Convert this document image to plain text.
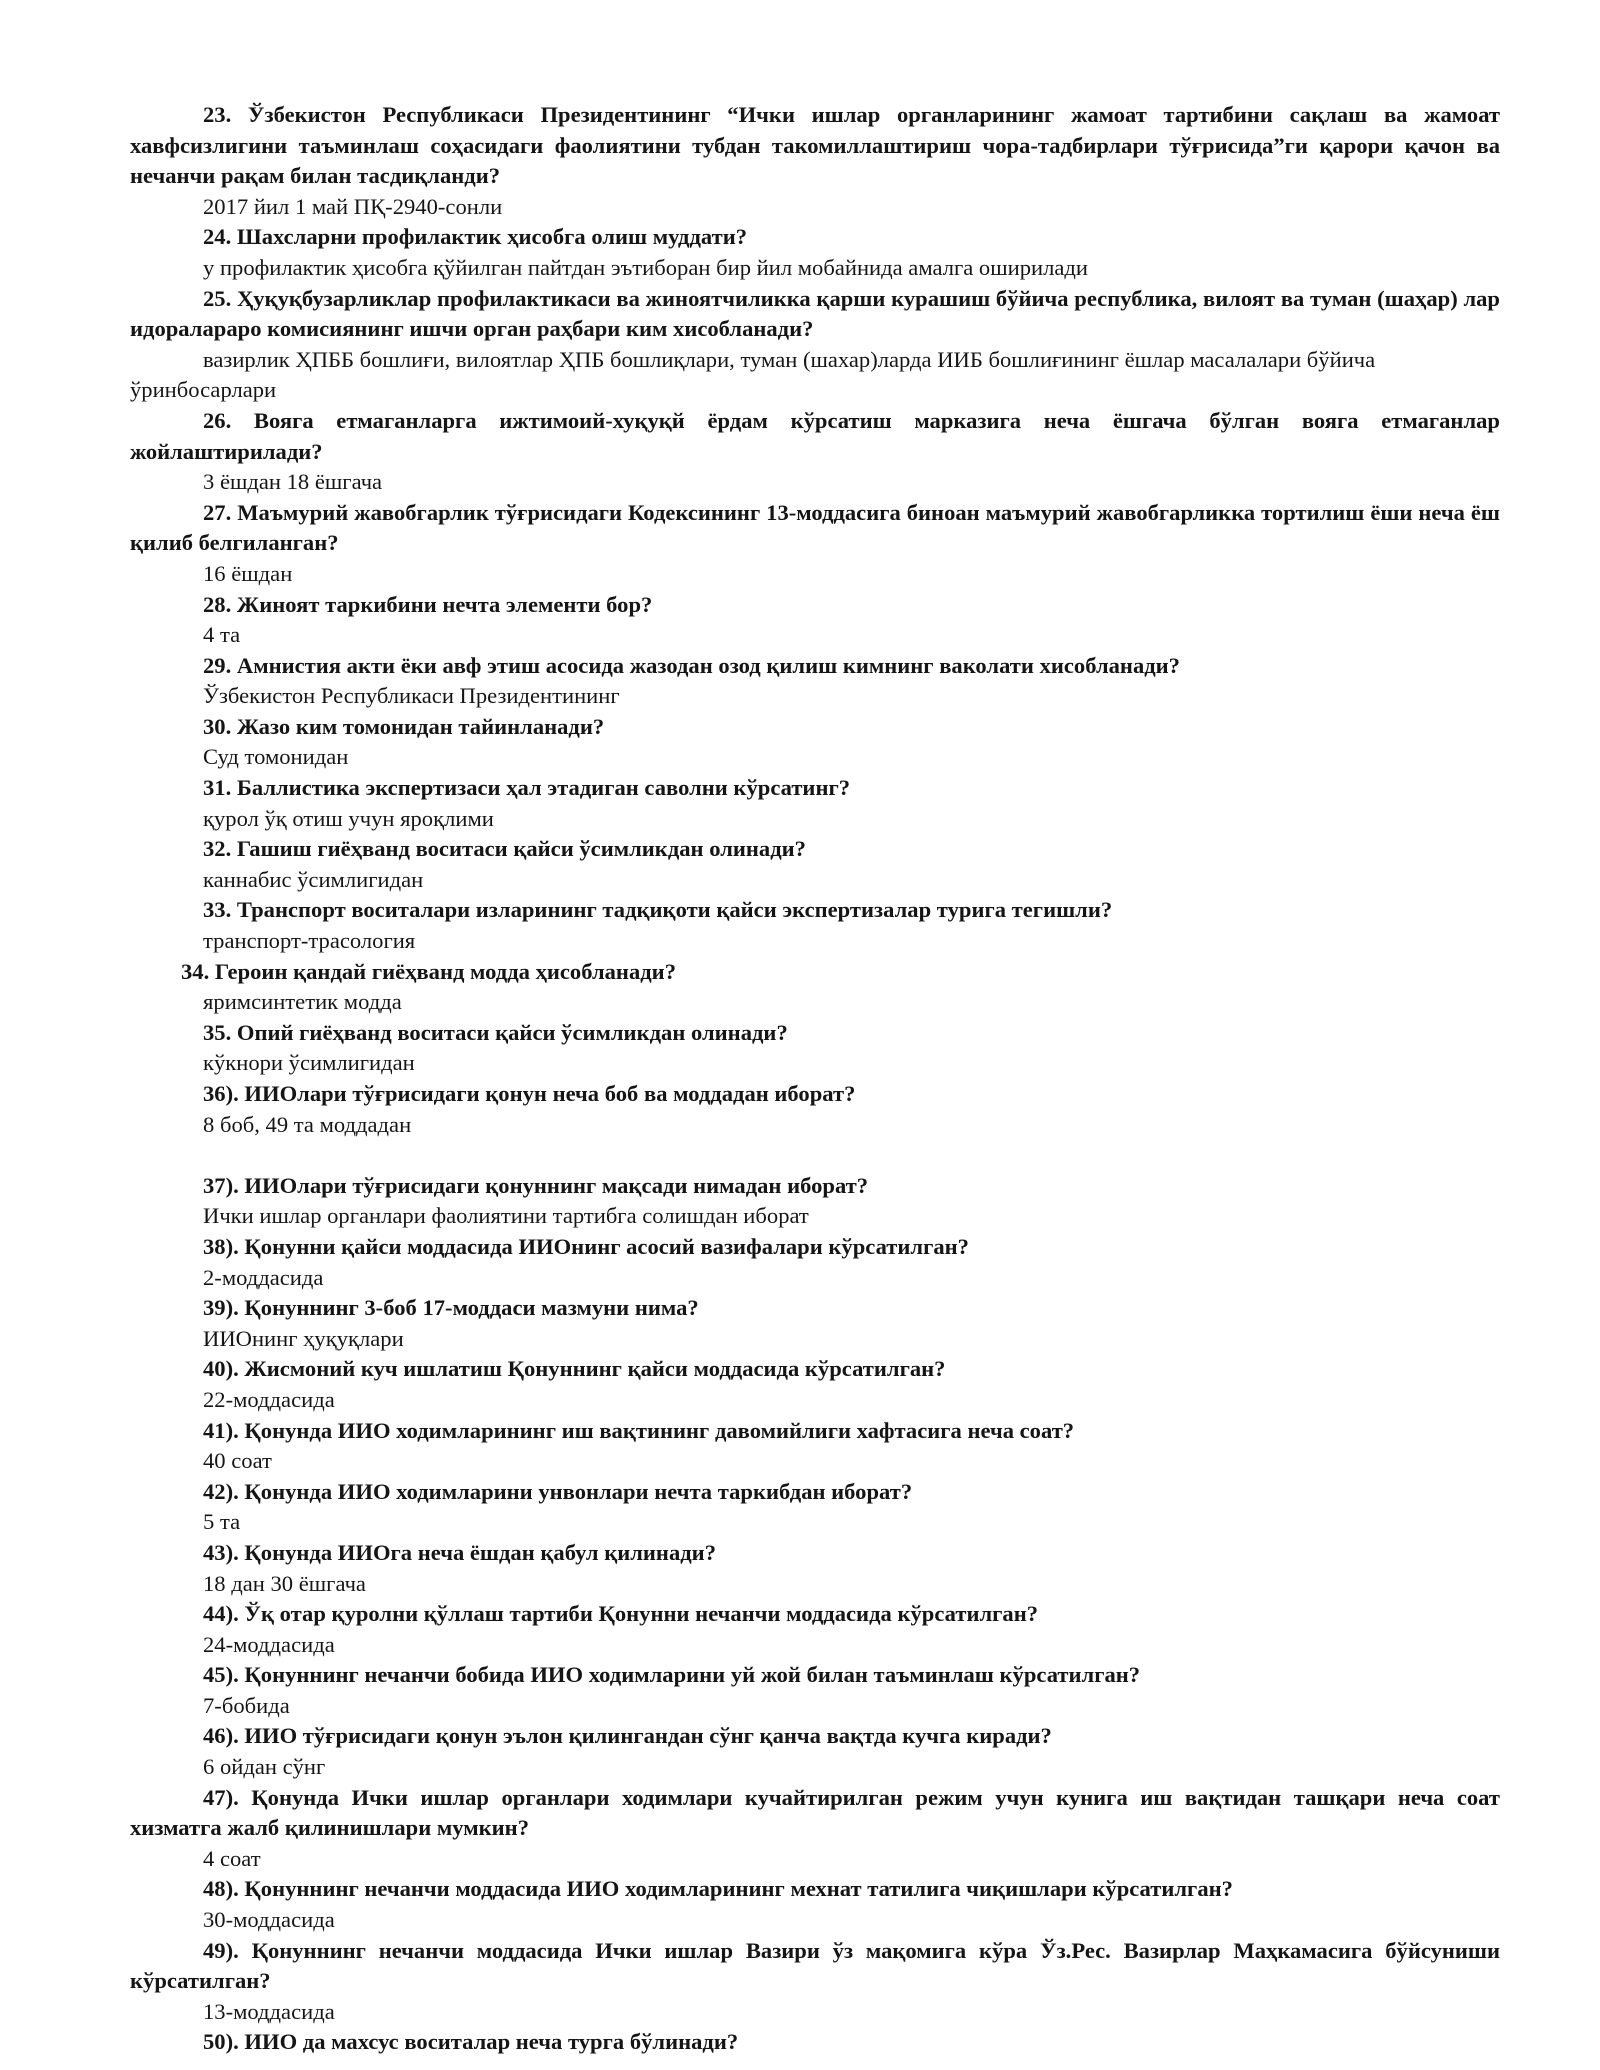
23. Ўзбекистон Республикаси Президентининг “Ички ишлар органларининг жамоат тартибини сақлаш ва жамоат хавфсизлигини таъминлаш соҳасидаги фаолиятини тубдан такомиллаштириш чора-тадбирлари тўғрисида”ги қарори қачон ва нечанчи рақам билан тасдиқланди?

2017 йил 1 май ПҚ-2940-сонли

24. Шахсларни профилактик ҳисобга олиш муддати?

у профилактик ҳисобга қўйилган пайтдан эътиборан бир йил мобайнида амалга оширилади

25. Ҳуқуқбузарликлар профилактикаси ва жиноятчиликка қарши курашиш бўйича республика, вилоят ва туман (шаҳар) лар идоралараро комисиянинг ишчи орган раҳбари ким хисобланади?

вазирлик ҲПББ бошлиғи, вилоятлар ҲПБ бошлиқлари, туман (шахар)ларда ИИБ бошлиғининг ёшлар масалалари бўйича ўринбосарлари

26. Вояга етмаганларга ижтимоий-хуқуқй ёрдам кўрсатиш марказига неча ёшгача бўлган вояга етмаганлар жойлаштирилади?

3 ёшдан 18 ёшгача

27. Маъмурий жавобгарлик тўғрисидаги Кодексининг 13-моддасига биноан маъмурий жавобгарликка тортилиш ёши неча ёш қилиб белгиланган?

16 ёшдан

28. Жиноят таркибини нечта элементи бор?

4 та

29. Амнистия акти ёки авф этиш асосида жазодан озод қилиш кимнинг ваколати хисобланади?

Ўзбекистон Республикаси Президентининг

30. Жазо ким томонидан тайинланади?

Суд томонидан

31. Баллистика экспертизаси ҳал этадиган саволни кўрсатинг?

қурол ўқ отиш учун яроқлими

32. Гашиш гиёҳванд воситаси қайси ўсимликдан олинади?

каннабис ўсимлигидан

33. Транспорт воситалари изларининг тадқиқоти қайси экспертизалар турига тегишли?

транспорт-трасология

34. Героин қандай гиёҳванд модда ҳисобланади?

яримсинтетик модда

35. Опий гиёҳванд воситаси қайси ўсимликдан олинади?

кўкнори ўсимлигидан

36). ИИОлари тўғрисидаги қонун неча боб ва моддадан иборат?

8 боб, 49 та моддадан

37). ИИОлари тўғрисидаги қонуннинг мақсади нимадан иборат?

Ички ишлар органлари фаолиятини тартибга солишдан иборат

38). Қонунни қайси моддасида ИИОнинг асосий вазифалари кўрсатилган?

2-моддасида

39). Қонуннинг 3-боб 17-моддаси мазмуни нима?

ИИОнинг ҳуқуқлари

40). Жисмоний куч ишлатиш Қонуннинг қайси моддасида кўрсатилган?

22-моддасида

41). Қонунда ИИО ходимларининг иш вақтининг давомийлиги хафтасига неча соат?

40 соат

42). Қонунда ИИО ходимларини унвонлари нечта таркибдан иборат?

5 та

43). Қонунда ИИОга неча ёшдан қабул қилинади?

18 дан 30 ёшгача

44). Ўқ отар қуролни қўллаш тартиби Қонунни нечанчи моддасида кўрсатилган?

24-моддасида

45). Қонуннинг нечанчи бобида ИИО ходимларини уй жой билан таъминлаш кўрсатилган?

7-бобида

46). ИИО тўғрисидаги қонун эълон қилингандан сўнг қанча вақтда кучга киради?

6 ойдан сўнг

47). Қонунда Ички ишлар органлари ходимлари кучайтирилган режим учун кунига иш вақтидан ташқари неча соат хизматга жалб қилинишлари мумкин?

4 соат

48). Қонуннинг нечанчи моддасида ИИО ходимларининг мехнат татилига чиқишлари кўрсатилган?

30-моддасида

49). Қонуннинг нечанчи моддасида Ички ишлар Вазири ўз мақомига кўра Ўз.Рес. Вазирлар Маҳкамасига бўйсуниши кўрсатилган?

13-моддасида

50). ИИО да махсус воситалар неча турга бўлинади?
